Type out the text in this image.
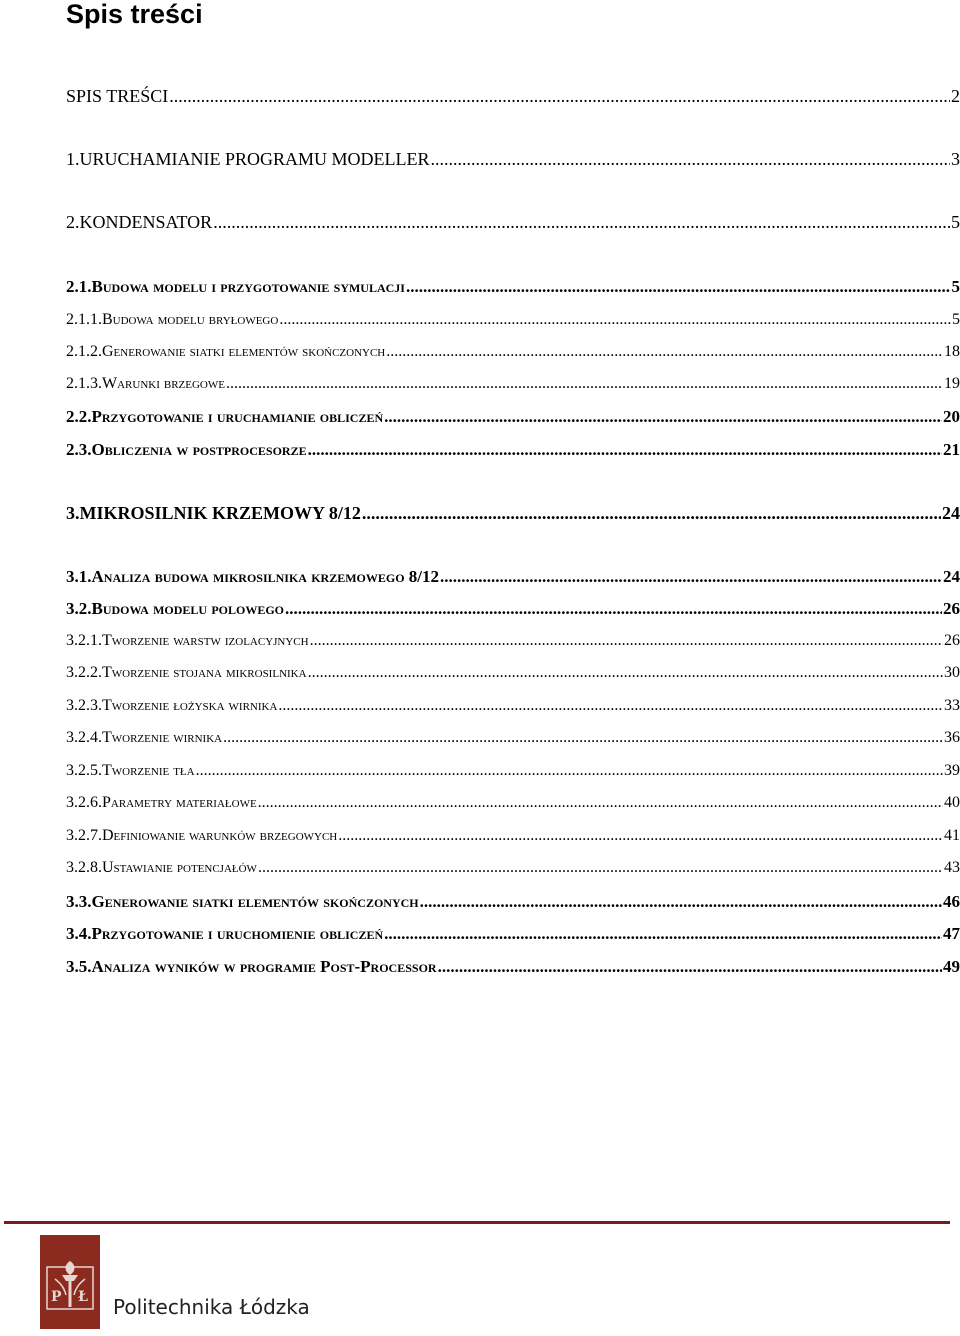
Spis treści
SPIS TREŚCI .....	2
1.URUCHAMIANIE PROGRAMU MODELLER .....	3
2.KONDENSATOR .....	5
2.1.Budowa modelu i przygotowanie symulacji .....	5
2.1.1.Budowa modelu bryłowego .....	5
2.1.2.Generowanie siatki elementów skończonych .....	18
2.1.3.Warunki brzegowe .....	19
2.2.Przygotowanie i uruchamianie obliczeń .....	20
2.3.Obliczenia w postprocesorze .....	21
3.MIKROSILNIK KRZEMOWY 8/12 .....	24
3.1.Analiza budowa mikrosilnika krzemowego 8/12 .....	24
3.2.Budowa modelu polowego .....	26
3.2.1.Tworzenie warstw izolacyjnych .....	26
3.2.2.Tworzenie stojana mikrosilnika .....	30
3.2.3.Tworzenie łożyska wirnika .....	33
3.2.4.Tworzenie wirnika .....	36
3.2.5.Tworzenie tła .....	39
3.2.6.Parametry materiałowe .....	40
3.2.7.Definiowanie warunków brzegowych .....	41
3.2.8.Ustawianie potencjałów .....	43
3.3.Generowanie siatki elementów skończonych .....	46
3.4.Przygotowanie i uruchomienie obliczeń .....	47
3.5.Analiza wyników w programie Post-Processor .....	49
P Ł Politechnika Łódzka
